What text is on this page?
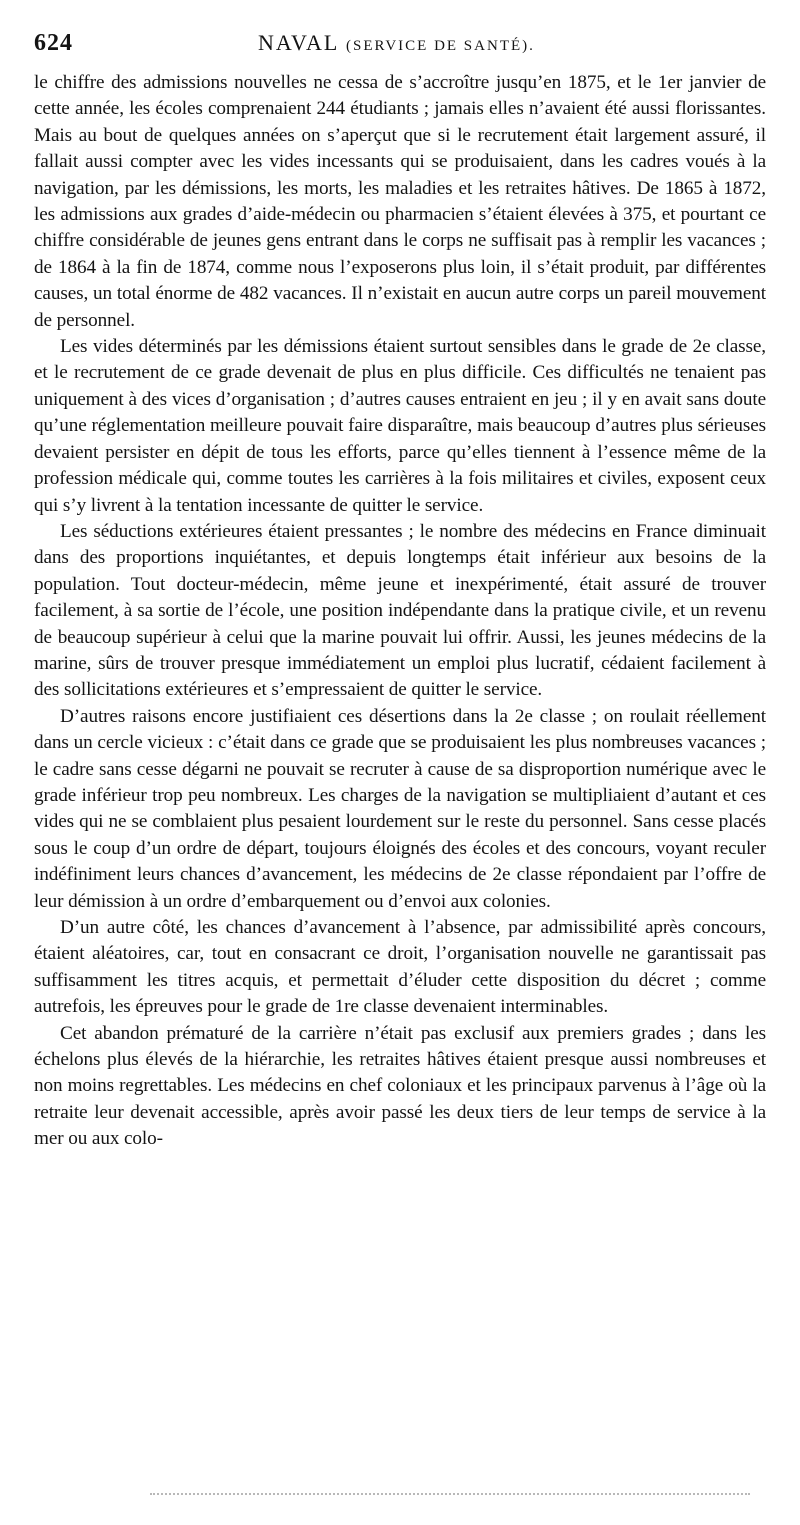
624	NAVAL (SERVICE DE SANTÉ).

le chiffre des admissions nouvelles ne cessa de s’accroître jusqu’en 1875, et le 1er janvier de cette année, les écoles comprenaient 244 étudiants ; jamais elles n’avaient été aussi florissantes. Mais au bout de quelques années on s’aperçut que si le recrutement était largement assuré, il fallait aussi compter avec les vides incessants qui se produisaient, dans les cadres voués à la navigation, par les démissions, les morts, les maladies et les retraites hâtives. De 1865 à 1872, les admissions aux grades d’aide-médecin ou pharmacien s’étaient élevées à 375, et pourtant ce chiffre considérable de jeunes gens entrant dans le corps ne suffisait pas à remplir les vacances ; de 1864 à la fin de 1874, comme nous l’exposerons plus loin, il s’était produit, par différentes causes, un total énorme de 482 vacances. Il n’existait en aucun autre corps un pareil mouvement de personnel.

Les vides déterminés par les démissions étaient surtout sensibles dans le grade de 2e classe, et le recrutement de ce grade devenait de plus en plus difficile. Ces difficultés ne tenaient pas uniquement à des vices d’organisation ; d’autres causes entraient en jeu ; il y en avait sans doute qu’une réglementation meilleure pouvait faire disparaître, mais beaucoup d’autres plus sérieuses devaient persister en dépit de tous les efforts, parce qu’elles tiennent à l’essence même de la profession médicale qui, comme toutes les carrières à la fois militaires et civiles, exposent ceux qui s’y livrent à la tentation incessante de quitter le service.

Les séductions extérieures étaient pressantes ; le nombre des médecins en France diminuait dans des proportions inquiétantes, et depuis longtemps était inférieur aux besoins de la population. Tout docteur-médecin, même jeune et inexpérimenté, était assuré de trouver facilement, à sa sortie de l’école, une position indépendante dans la pratique civile, et un revenu de beaucoup supérieur à celui que la marine pouvait lui offrir. Aussi, les jeunes médecins de la marine, sûrs de trouver presque immédiatement un emploi plus lucratif, cédaient facilement à des sollicitations extérieures et s’empressaient de quitter le service.

D’autres raisons encore justifiaient ces désertions dans la 2e classe ; on roulait réellement dans un cercle vicieux : c’était dans ce grade que se produisaient les plus nombreuses vacances ; le cadre sans cesse dégarni ne pouvait se recruter à cause de sa disproportion numérique avec le grade inférieur trop peu nombreux. Les charges de la navigation se multipliaient d’autant et ces vides qui ne se comblaient plus pesaient lourdement sur le reste du personnel. Sans cesse placés sous le coup d’un ordre de départ, toujours éloignés des écoles et des concours, voyant reculer indéfiniment leurs chances d’avancement, les médecins de 2e classe répondaient par l’offre de leur démission à un ordre d’embarquement ou d’envoi aux colonies.

D’un autre côté, les chances d’avancement à l’absence, par admissibilité après concours, étaient aléatoires, car, tout en consacrant ce droit, l’organisation nouvelle ne garantissait pas suffisamment les titres acquis, et permettait d’éluder cette disposition du décret ; comme autrefois, les épreuves pour le grade de 1re classe devenaient interminables.

Cet abandon prématuré de la carrière n’était pas exclusif aux premiers grades ; dans les échelons plus élevés de la hiérarchie, les retraites hâtives étaient presque aussi nombreuses et non moins regrettables. Les médecins en chef coloniaux et les principaux parvenus à l’âge où la retraite leur devenait accessible, après avoir passé les deux tiers de leur temps de service à la mer ou aux colo-
